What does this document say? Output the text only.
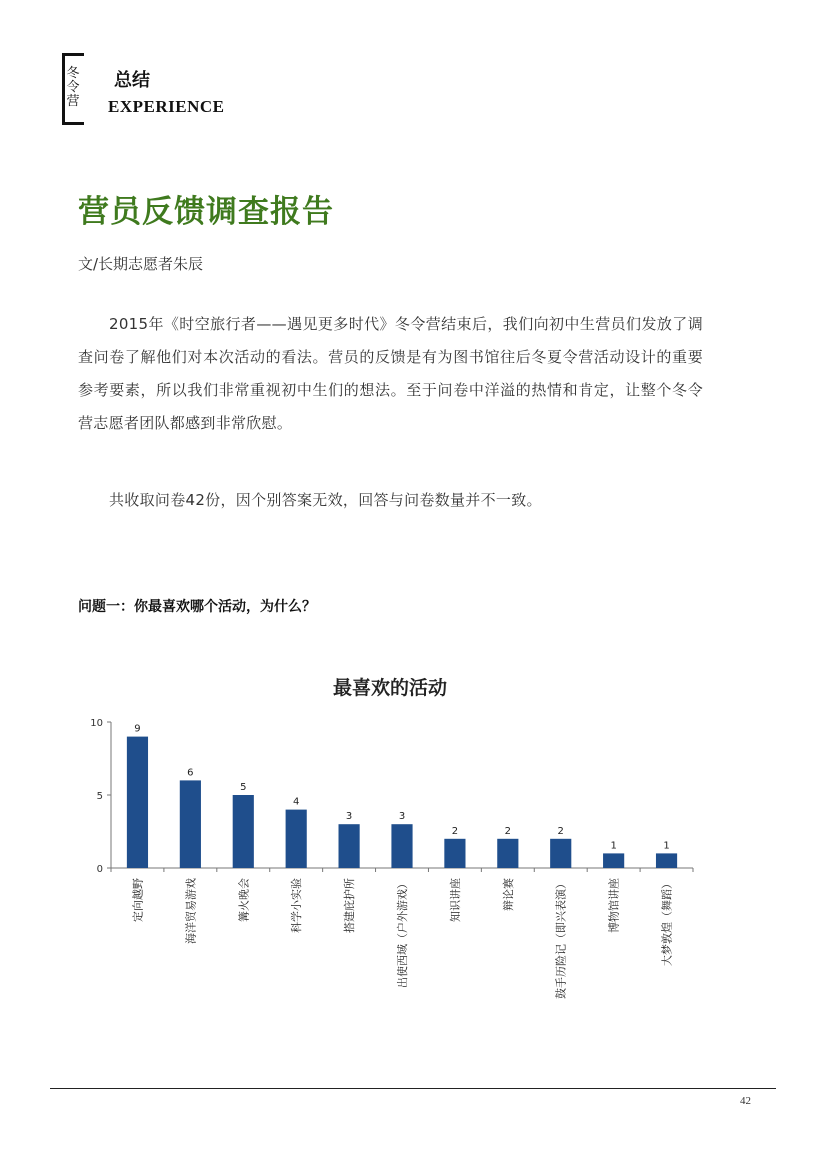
冬
令
营
总结
EXPERIENCE
营员反馈调查报告
文/长期志愿者朱辰
2015年《时空旅行者——遇见更多时代》冬令营结束后，我们向初中生营员们发放了调查问卷了解他们对本次活动的看法。营员的反馈是有为图书馆往后冬夏令营活动设计的重要参考要素，所以我们非常重视初中生们的想法。至于问卷中洋溢的热情和肯定，让整个冬令营志愿者团队都感到非常欣慰。
共收取问卷42份，因个别答案无效，回答与问卷数量并不一致。
问题一：你最喜欢哪个活动，为什么？
最喜欢的活动
0
5
10
9
定向越野
6
海洋贸易游戏
5
篝火晚会
4
科学小实验
3
搭建庇护所
3
出使西域（户外游戏）
2
知识讲座
2
辩论赛
2
鼓手历险记（即兴表演）
1
博物馆讲座
1
大梦敦煌（舞蹈）
42
